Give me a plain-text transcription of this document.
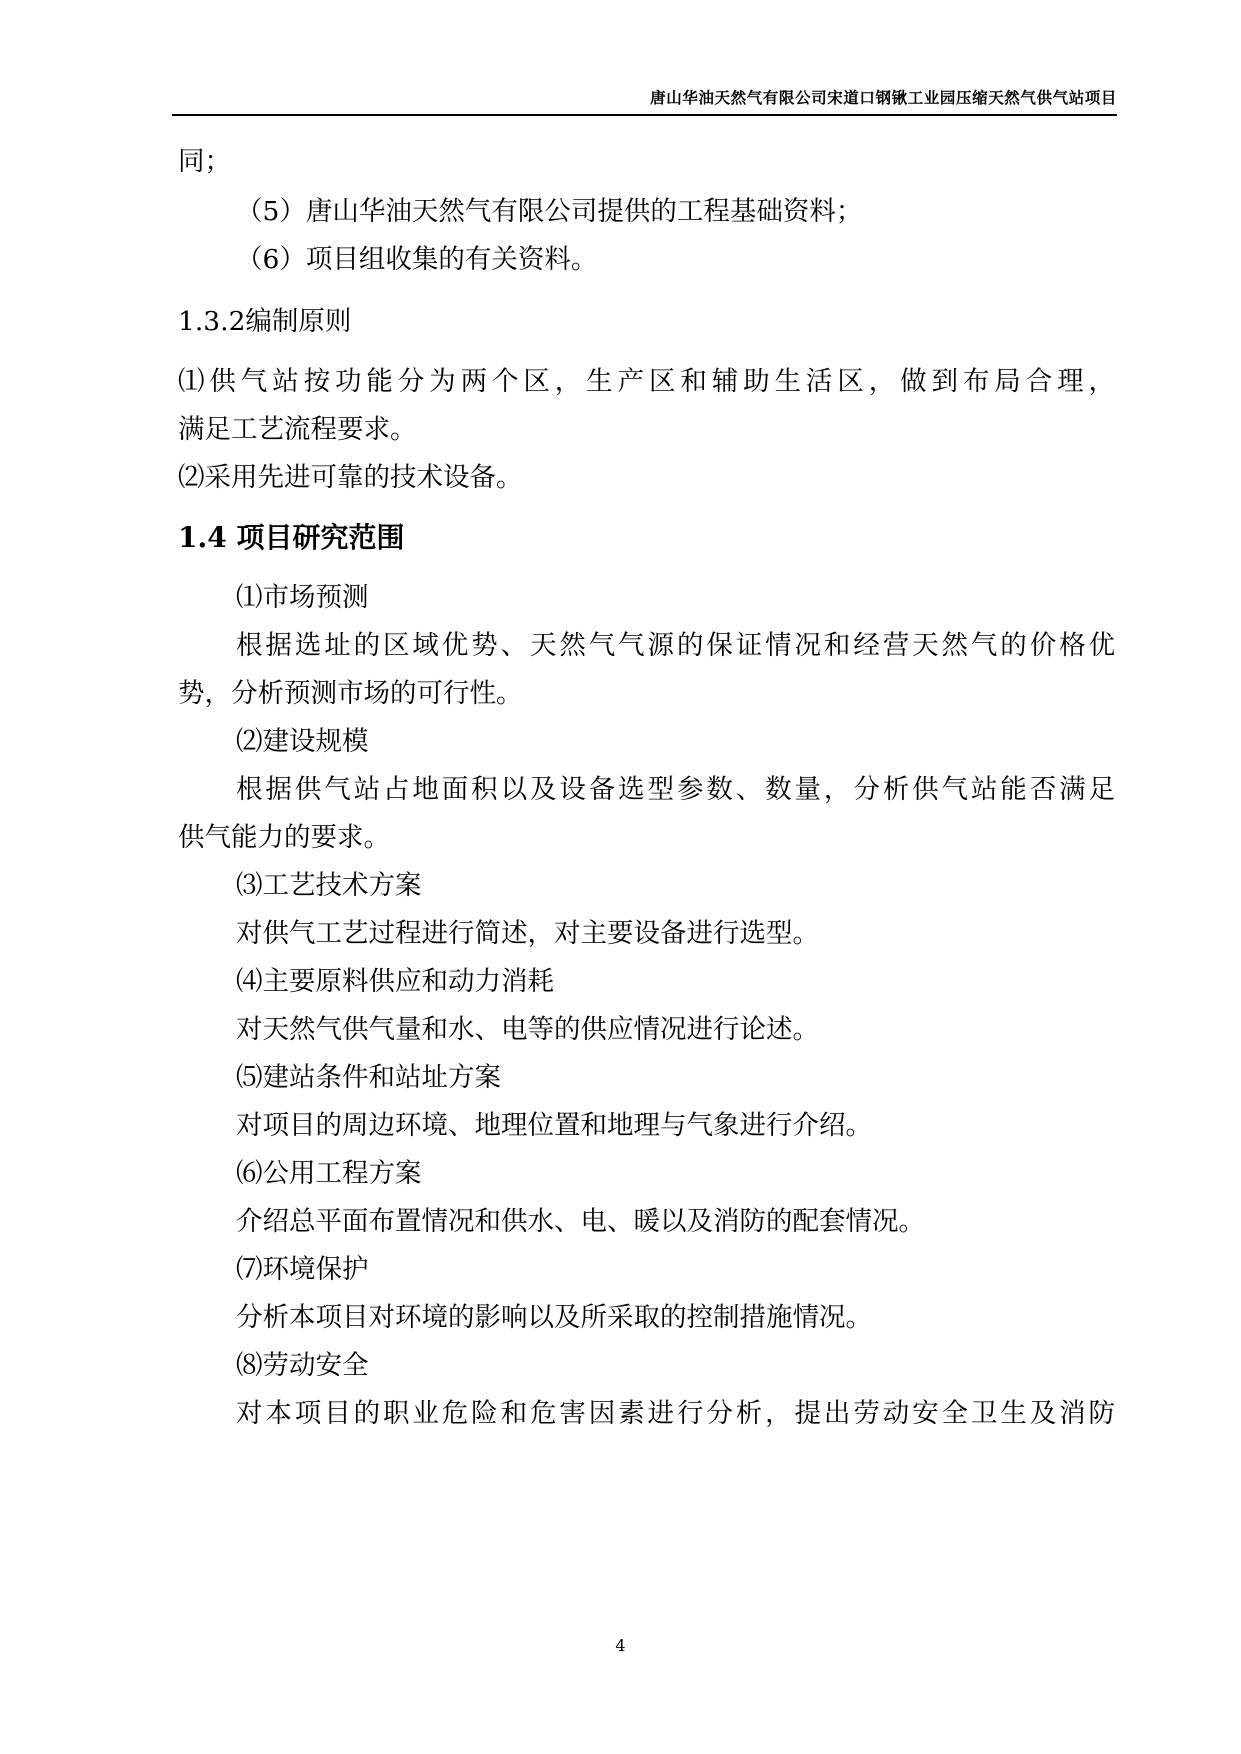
唐山华油天然气有限公司宋道口钢锹工业园压缩天然气供气站项目
同；
（5）唐山华油天然气有限公司提供的工程基础资料；
（6）项目组收集的有关资料。
1.3.2编制原则
⑴供气站按功能分为两个区，生产区和辅助生活区，做到布局合理，
满足工艺流程要求。
⑵采用先进可靠的技术设备。
1.4 项目研究范围
⑴市场预测
根据选址的区域优势、天然气气源的保证情况和经营天然气的价格优
势，分析预测市场的可行性。
⑵建设规模
根据供气站占地面积以及设备选型参数、数量，分析供气站能否满足
供气能力的要求。
⑶工艺技术方案
对供气工艺过程进行简述，对主要设备进行选型。
⑷主要原料供应和动力消耗
对天然气供气量和水、电等的供应情况进行论述。
⑸建站条件和站址方案
对项目的周边环境、地理位置和地理与气象进行介绍。
⑹公用工程方案
介绍总平面布置情况和供水、电、暖以及消防的配套情况。
⑺环境保护
分析本项目对环境的影响以及所采取的控制措施情况。
⑻劳动安全
对本项目的职业危险和危害因素进行分析，提出劳动安全卫生及消防
4
